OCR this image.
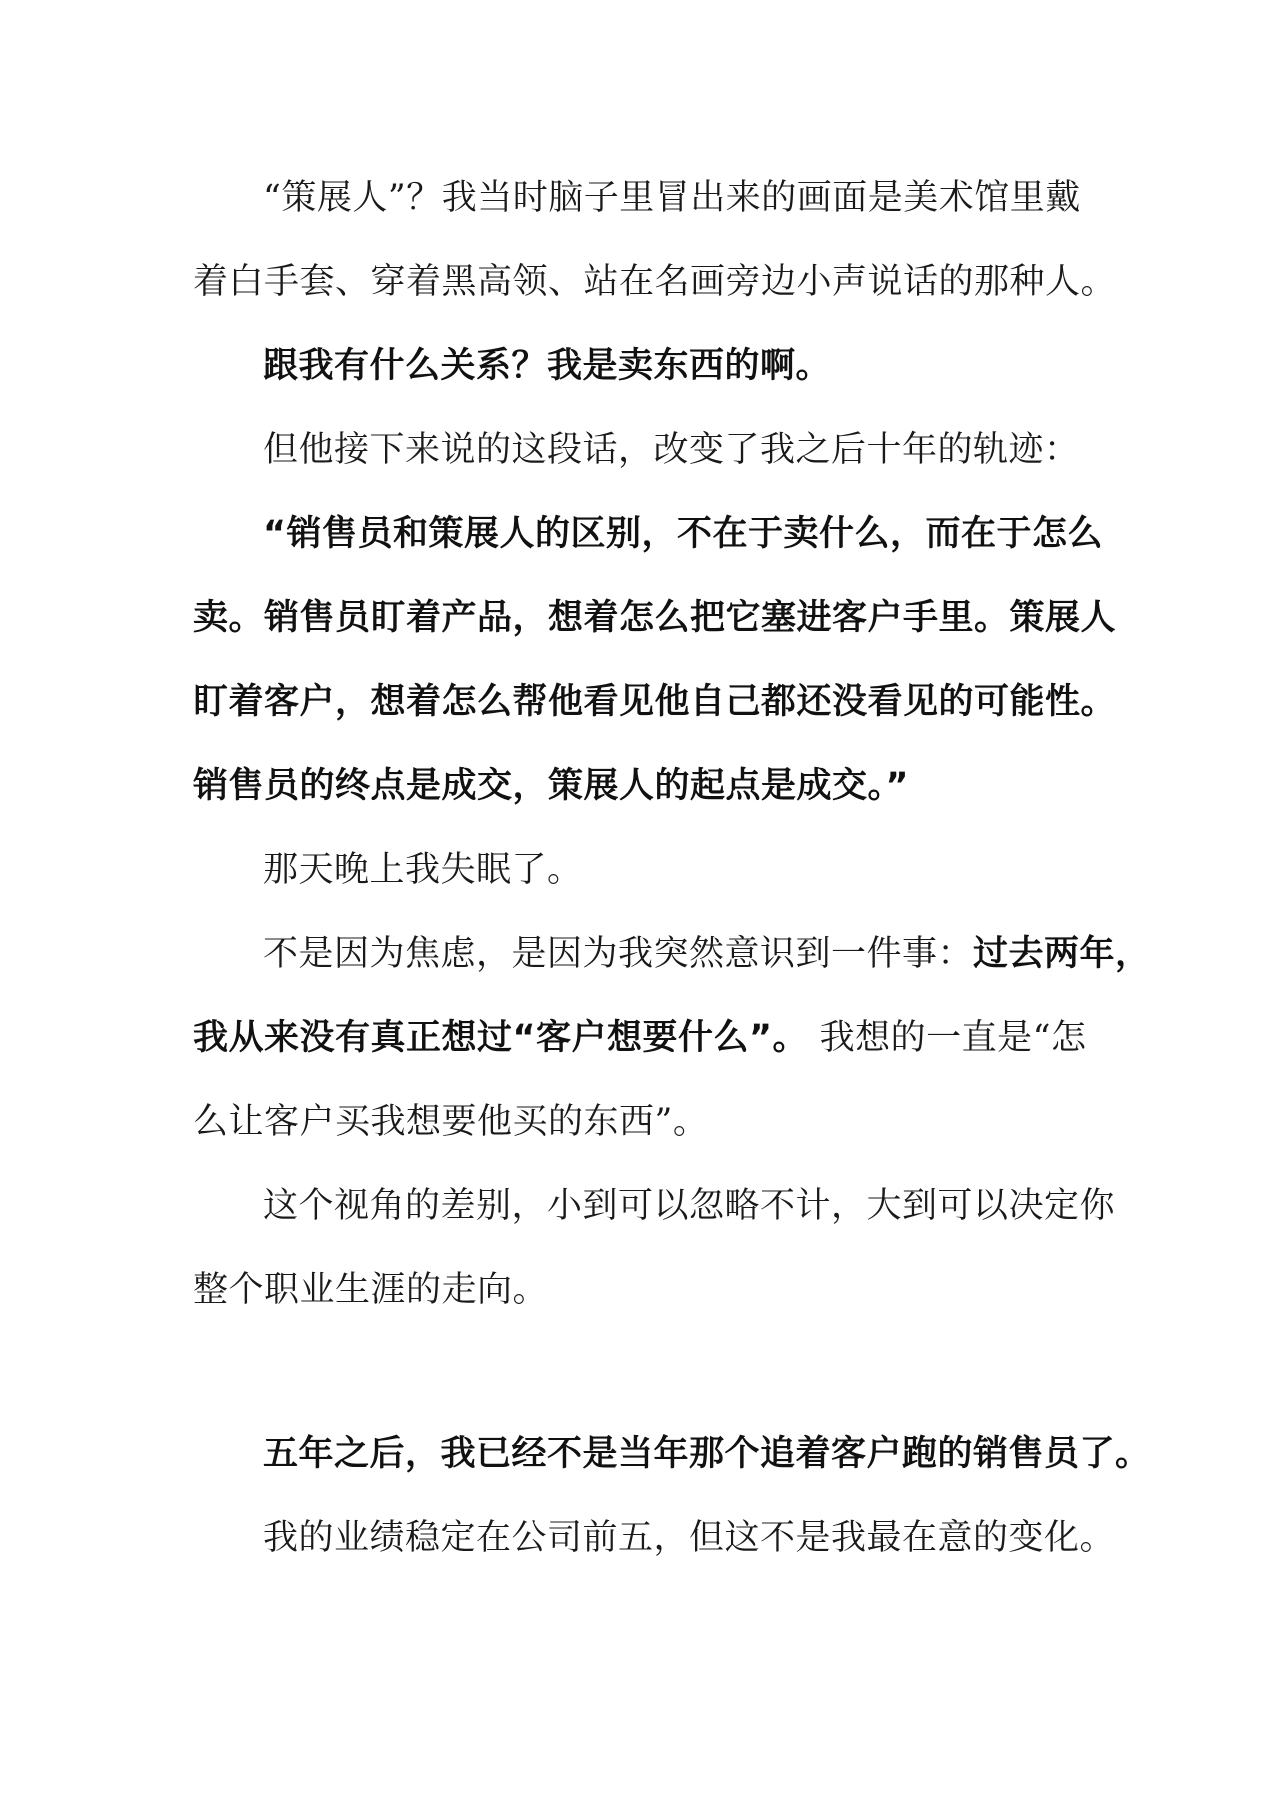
“策展人”？我当时脑子里冒出来的画面是美术馆里戴
着白手套、穿着黑高领、站在名画旁边小声说话的那种人。
跟我有什么关系？我是卖东西的啊。
但他接下来说的这段话，改变了我之后十年的轨迹：
“销售员和策展人的区别，不在于卖什么，而在于怎么
卖。销售员盯着产品，想着怎么把它塞进客户手里。策展人
盯着客户，想着怎么帮他看见他自己都还没看见的可能性。
销售员的终点是成交，策展人的起点是成交。”
那天晚上我失眠了。
不是因为焦虑，是因为我突然意识到一件事：过去两年，
我从来没有真正想过“客户想要什么”。 我想的一直是“怎
么让客户买我想要他买的东西”。
这个视角的差别，小到可以忽略不计，大到可以决定你
整个职业生涯的走向。
五年之后，我已经不是当年那个追着客户跑的销售员了。
我的业绩稳定在公司前五，但这不是我最在意的变化。
